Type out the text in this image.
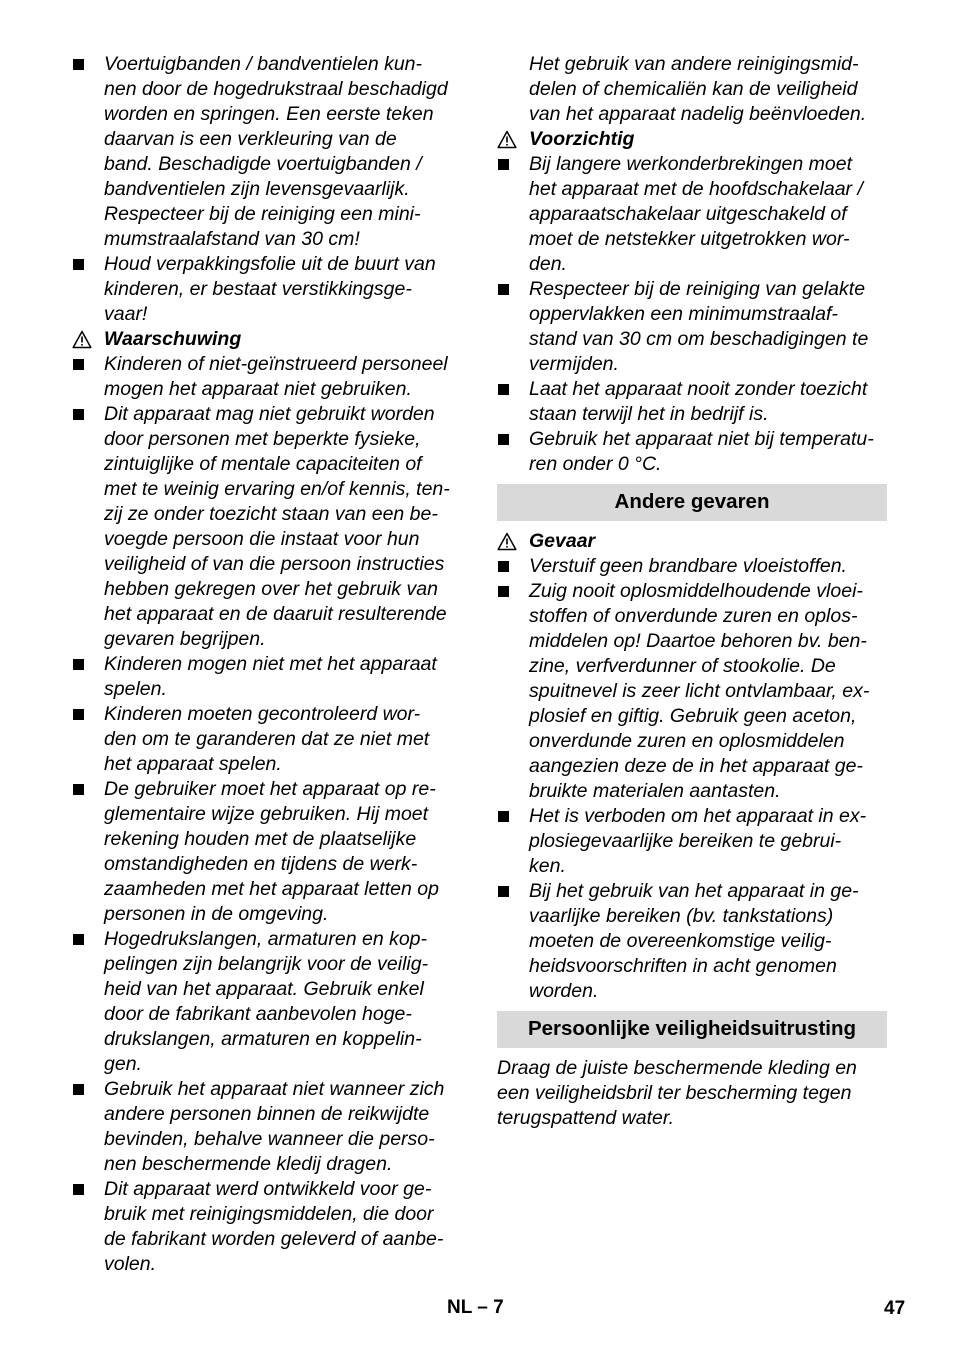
Voertuigbanden / bandventielen kun-
nen door de hogedrukstraal beschadigd
worden en springen. Een eerste teken
daarvan is een verkleuring van de
band. Beschadigde voertuigbanden /
bandventielen zijn levensgevaarlijk.
Respecteer bij de reiniging een mini-
mumstraalafstand van 30 cm!
Houd verpakkingsfolie uit de buurt van
kinderen, er bestaat verstikkingsge-
vaar!
Waarschuwing
Kinderen of niet-geïnstrueerd personeel
mogen het apparaat niet gebruiken.
Dit apparaat mag niet gebruikt worden
door personen met beperkte fysieke,
zintuiglijke of mentale capaciteiten of
met te weinig ervaring en/of kennis, ten-
zij ze onder toezicht staan van een be-
voegde persoon die instaat voor hun
veiligheid of van die persoon instructies
hebben gekregen over het gebruik van
het apparaat en de daaruit resulterende
gevaren begrijpen.
Kinderen mogen niet met het apparaat
spelen.
Kinderen moeten gecontroleerd wor-
den om te garanderen dat ze niet met
het apparaat spelen.
De gebruiker moet het apparaat op re-
glementaire wijze gebruiken. Hij moet
rekening houden met de plaatselijke
omstandigheden en tijdens de werk-
zaamheden met het apparaat letten op
personen in de omgeving.
Hogedrukslangen, armaturen en kop-
pelingen zijn belangrijk voor de veilig-
heid van het apparaat. Gebruik enkel
door de fabrikant aanbevolen hoge-
drukslangen, armaturen en koppelin-
gen.
Gebruik het apparaat niet wanneer zich
andere personen binnen de reikwijdte
bevinden, behalve wanneer die perso-
nen beschermende kledij dragen.
Dit apparaat werd ontwikkeld voor ge-
bruik met reinigingsmiddelen, die door
de fabrikant worden geleverd of aanbe-
volen.
Het gebruik van andere reinigingsmid-
delen of chemicaliën kan de veiligheid
van het apparaat nadelig beënvloeden.
Voorzichtig
Bij langere werkonderbrekingen moet
het apparaat met de hoofdschakelaar /
apparaatschakelaar uitgeschakeld of
moet de netstekker uitgetrokken wor-
den.
Respecteer bij de reiniging van gelakte
oppervlakken een minimumstraalaf-
stand van 30 cm om beschadigingen te
vermijden.
Laat het apparaat nooit zonder toezicht
staan terwijl het in bedrijf is.
Gebruik het apparaat niet bij temperatu-
ren onder 0 °C.
Andere gevaren
Gevaar
Verstuif geen brandbare vloeistoffen.
Zuig nooit oplosmiddelhoudende vloei-
stoffen of onverdunde zuren en oplos-
middelen op! Daartoe behoren bv. ben-
zine, verfverdunner of stookolie. De
spuitnevel is zeer licht ontvlambaar, ex-
plosief en giftig. Gebruik geen aceton,
onverdunde zuren en oplosmiddelen
aangezien deze de in het apparaat ge-
bruikte materialen aantasten.
Het is verboden om het apparaat in ex-
plosiegevaarlijke bereiken te gebrui-
ken.
Bij het gebruik van het apparaat in ge-
vaarlijke bereiken (bv. tankstations)
moeten de overeenkomstige veilig-
heidsvoorschriften in acht genomen
worden.
Persoonlijke veiligheidsuitrusting
Draag de juiste beschermende kleding en
een veiligheidsbril ter bescherming tegen
terugspattend water.
NL – 7	47
